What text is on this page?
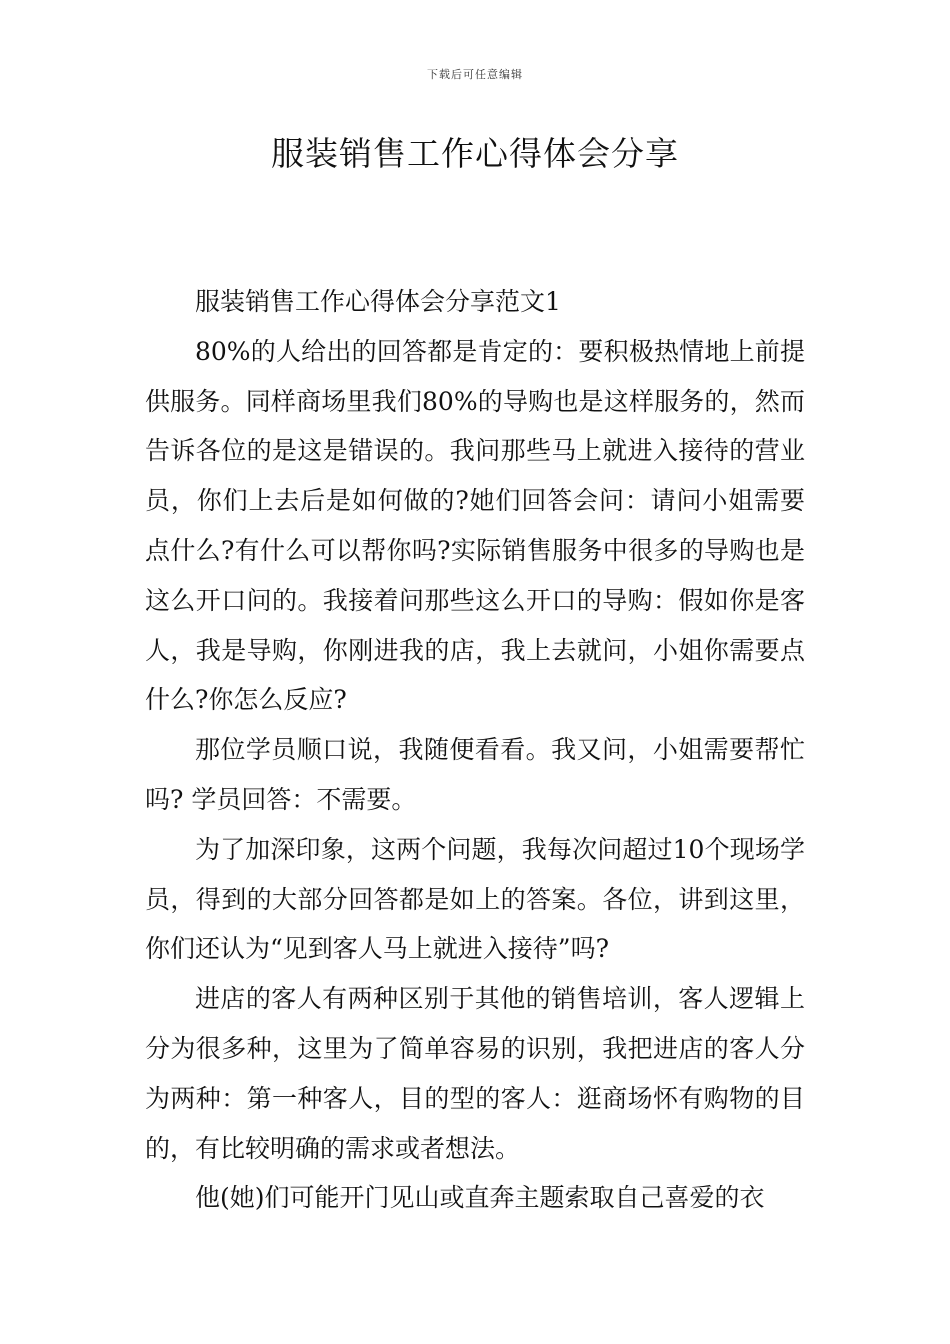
下载后可任意编辑
服装销售工作心得体会分享

服装销售工作心得体会分享范文1

80%的人给出的回答都是肯定的：要积极热情地上前提供服务。同样商场里我们80%的导购也是这样服务的，然而告诉各位的是这是错误的。我问那些马上就进入接待的营业员，你们上去后是如何做的?她们回答会问：请问小姐需要点什么?有什么可以帮你吗?实际销售服务中很多的导购也是这么开口问的。我接着问那些这么开口的导购：假如你是客人，我是导购，你刚进我的店，我上去就问，小姐你需要点什么?你怎么反应?

那位学员顺口说，我随便看看。我又问，小姐需要帮忙吗? 学员回答：不需要。

为了加深印象，这两个问题，我每次问超过10个现场学员，得到的大部分回答都是如上的答案。各位，讲到这里，你们还认为“见到客人马上就进入接待”吗?

进店的客人有两种区别于其他的销售培训，客人逻辑上分为很多种，这里为了简单容易的识别，我把进店的客人分为两种：第一种客人，目的型的客人：逛商场怀有购物的目的，有比较明确的需求或者想法。

他(她)们可能开门见山或直奔主题索取自己喜爱的衣
